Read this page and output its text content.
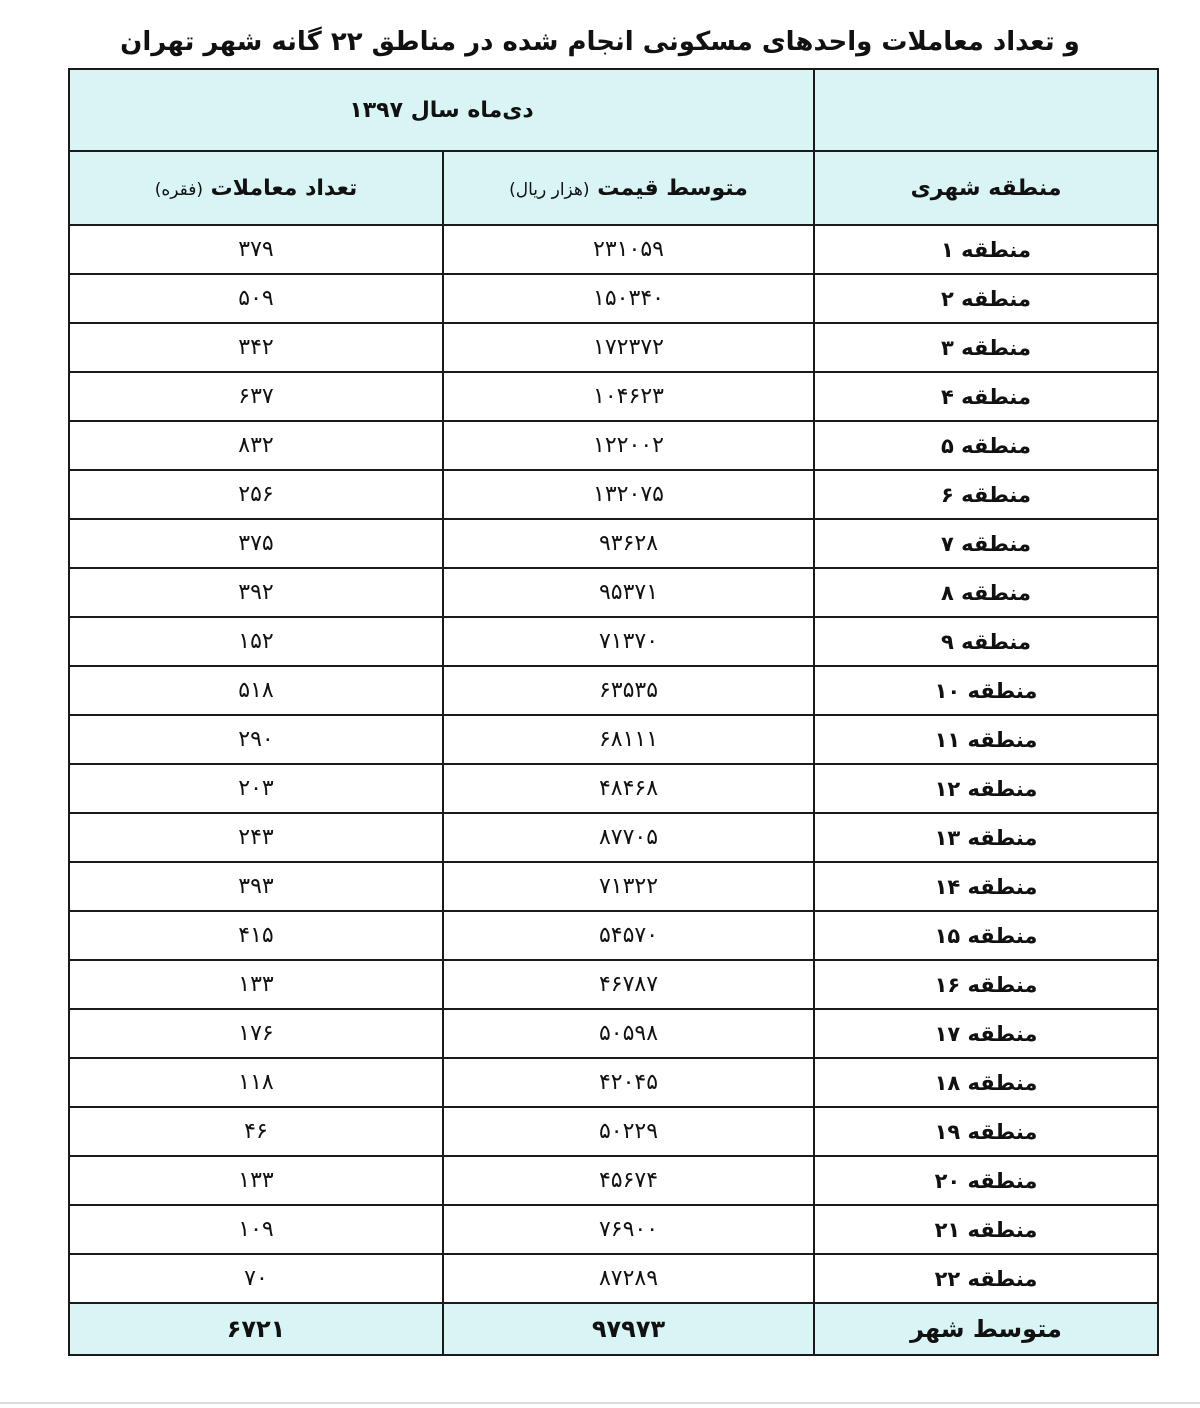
و تعداد معاملات واحدهای مسکونی انجام شده در مناطق ۲۲ گانه شهر تهران
	دی‌ماه سال ۱۳۹۷	
منطقه شهری	متوسط قیمت (هزار ریال)	تعداد معاملات (فقره)
منطقه ۱	۲۳۱۰۵۹	۳۷۹
منطقه ۲	۱۵۰۳۴۰	۵۰۹
منطقه ۳	۱۷۲۳۷۲	۳۴۲
منطقه ۴	۱۰۴۶۲۳	۶۳۷
منطقه ۵	۱۲۲۰۰۲	۸۳۲
منطقه ۶	۱۳۲۰۷۵	۲۵۶
منطقه ۷	۹۳۶۲۸	۳۷۵
منطقه ۸	۹۵۳۷۱	۳۹۲
منطقه ۹	۷۱۳۷۰	۱۵۲
منطقه ۱۰	۶۳۵۳۵	۵۱۸
منطقه ۱۱	۶۸۱۱۱	۲۹۰
منطقه ۱۲	۴۸۴۶۸	۲۰۳
منطقه ۱۳	۸۷۷۰۵	۲۴۳
منطقه ۱۴	۷۱۳۲۲	۳۹۳
منطقه ۱۵	۵۴۵۷۰	۴۱۵
منطقه ۱۶	۴۶۷۸۷	۱۳۳
منطقه ۱۷	۵۰۵۹۸	۱۷۶
منطقه ۱۸	۴۲۰۴۵	۱۱۸
منطقه ۱۹	۵۰۲۲۹	۴۶
منطقه ۲۰	۴۵۶۷۴	۱۳۳
منطقه ۲۱	۷۶۹۰۰	۱۰۹
منطقه ۲۲	۸۷۲۸۹	۷۰
متوسط شهر	۹۷۹۷۳	۶۷۲۱
